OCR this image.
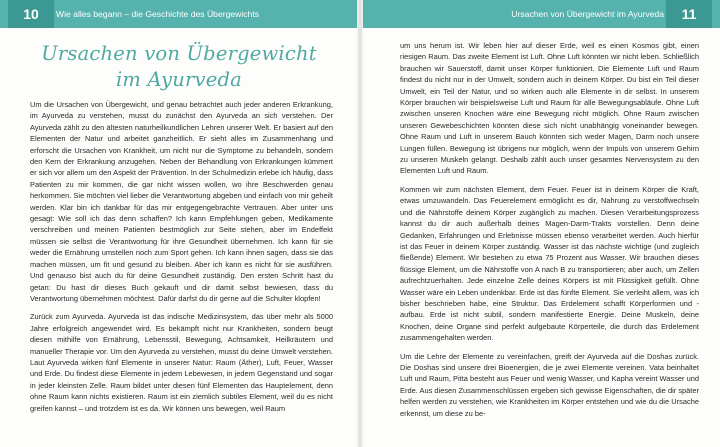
10	Wie alles begann – die Geschichte des Übergewichts	11
Ursachen von Übergewicht im Ayurveda
Ursachen von Übergewicht
im Ayurveda

Um die Ursachen von Übergewicht, und genau betrachtet auch jeder anderen Erkrankung, im Ayurveda zu verstehen, musst du zunächst den Ayurveda an sich verstehen. Der Ayurveda zählt zu den ältesten naturheilkundlichen Lehren unserer Welt. Er basiert auf den Elementen der Natur und arbeitet ganzheitlich. Er sieht alles im Zusammenhang und erforscht die Ursachen von Krankheit, um nicht nur die Symptome zu behandeln, sondern den Kern der Erkrankung anzugehen. Neben der Behandlung von Erkrankungen kümmert er sich vor allem um den Aspekt der Prävention. In der Schulmedizin erlebe ich häufig, dass Patienten zu mir kommen, die gar nicht wissen wollen, wo ihre Beschwerden genau herkommen. Sie möchten viel lieber die Verantwortung abgeben und einfach von mir geheilt werden. Klar bin ich dankbar für das mir entgegengebrachte Vertrauen. Aber unter uns gesagt: Wie soll ich das denn schaffen? Ich kann Empfehlungen geben, Medikamente verschreiben und meinen Patienten bestmöglich zur Seite stehen, aber im Endeffekt müssen sie selbst die Verantwortung für ihre Gesundheit übernehmen. Ich kann für sie weder die Ernährung umstellen noch zum Sport gehen. Ich kann ihnen sagen, dass sie das machen müssen, um fit und gesund zu bleiben. Aber ich kann es nicht für sie ausführen. Und genauso bist auch du für deine Gesundheit zuständig. Den ersten Schritt hast du getan: Du hast dir dieses Buch gekauft und dir damit selbst bewiesen, dass du Verantwortung übernehmen möchtest. Dafür darfst du dir gerne auf die Schulter klopfen!

Zurück zum Ayurveda. Ayurveda ist das indische Medizinsystem, das über mehr als 5000 Jahre erfolgreich angewendet wird. Es bekämpft nicht nur Krankheiten, sondern beugt diesen mithilfe von Ernährung, Lebensstil, Bewegung, Achtsamkeit, Heilkräutern und manueller Therapie vor. Um den Ayurveda zu verstehen, musst du deine Umwelt verstehen. Laut Ayurveda wirken fünf Elemente in unserer Natur: Raum (Äther), Luft, Feuer, Wasser und Erde. Du findest diese Elemente in jedem Lebewesen, in jedem Gegenstand und sogar in jeder kleinsten Zelle. Raum bildet unter diesen fünf Elementen das Hauptelement, denn ohne Raum kann nichts existieren. Raum ist ein ziemlich subtiles Element, weil du es nicht greifen kannst – und trotzdem ist es da. Wir können uns bewegen, weil Raum

um uns herum ist. Wir leben hier auf dieser Erde, weil es einen Kosmos gibt, einen riesigen Raum. Das zweite Element ist Luft. Ohne Luft könnten wir nicht leben. Schließlich brauchen wir Sauerstoff, damit unser Körper funktioniert. Die Elemente Luft und Raum findest du nicht nur in der Umwelt, sondern auch in deinem Körper. Du bist ein Teil dieser Umwelt, ein Teil der Natur, und so wirken auch alle Elemente in dir selbst. In unserem Körper brauchen wir beispielsweise Luft und Raum für alle Bewegungsabläufe. Ohne Luft zwischen unseren Knochen wäre eine Bewegung nicht möglich. Ohne Raum zwischen unseren Gewebeschichten könnten diese sich nicht unabhängig voneinander bewegen. Ohne Raum und Luft in unserem Bauch könnten sich weder Magen, Darm noch unsere Lungen füllen. Bewegung ist übrigens nur möglich, wenn der Impuls von unserem Gehirn zu unseren Muskeln gelangt. Deshalb zählt auch unser gesamtes Nervensystem zu den Elementen Luft und Raum.

Kommen wir zum nächsten Element, dem Feuer. Feuer ist in deinem Körper die Kraft, etwas umzuwandeln. Das Feuerelement ermöglicht es dir, Nahrung zu verstoffwechseln und die Nährstoffe deinem Körper zugänglich zu machen. Diesen Verarbeitungsprozess kannst du dir auch außerhalb deines Magen-Darm-Trakts vorstellen. Denn deine Gedanken, Erfahrungen und Erlebnisse müssen ebenso verarbeitet werden. Auch hierfür ist das Feuer in deinem Körper zuständig. Wasser ist das nächste wichtige (und zugleich fließende) Element. Wir bestehen zu etwa 75 Prozent aus Wasser. Wir brauchen dieses flüssige Element, um die Nährstoffe von A nach B zu transportieren; aber auch, um Zellen aufrechtzuerhalten. Jede einzelne Zelle deines Körpers ist mit Flüssigkeit gefüllt. Ohne Wasser wäre ein Leben undenkbar. Erde ist das fünfte Element. Sie verleiht allem, was ich bisher beschrieben habe, eine Struktur. Das Erdelement schafft Körperformen und -aufbau. Erde ist nicht subtil, sondern manifestierte Energie. Deine Muskeln, deine Knochen, deine Organe sind perfekt aufgebaute Körperteile, die durch das Erdelement zusammengehalten werden.

Um die Lehre der Elemente zu vereinfachen, greift der Ayurveda auf die Doshas zurück. Die Doshas sind unsere drei Bioenergien, die je zwei Elemente vereinen. Vata beinhaltet Luft und Raum, Pitta besteht aus Feuer und wenig Wasser, und Kapha vereint Wasser und Erde. Aus diesen Zusammenschlüssen ergeben sich gewisse Eigenschaften, die dir später helfen werden zu verstehen, wie Krankheiten im Körper entstehen und wie du die Ursache erkennst, um diese zu be-
